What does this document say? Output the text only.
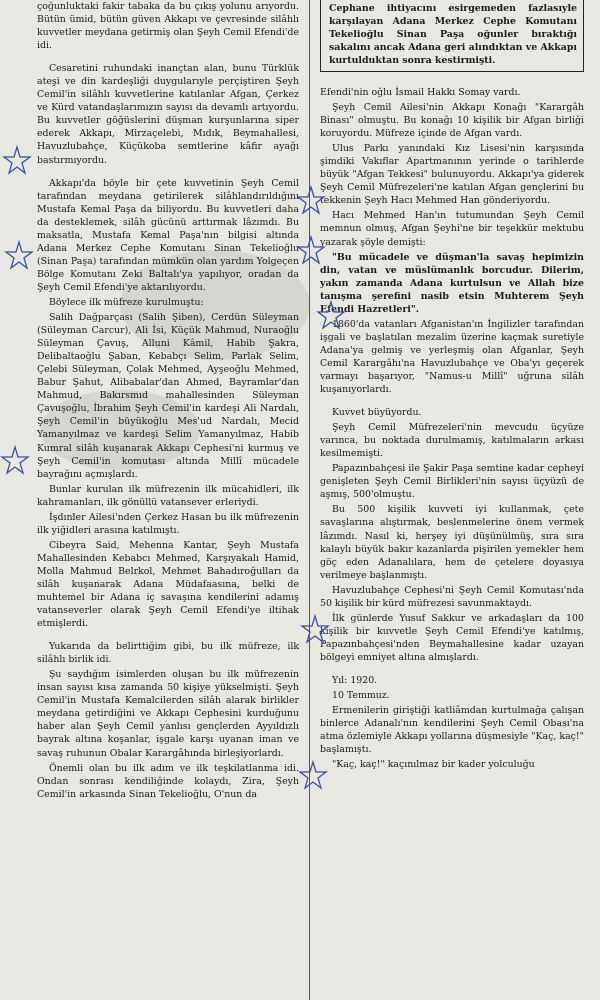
çoğunluktaki fakir tabaka da bu çıkış yolunu arıyordu. Bütün ümid, bütün güven Akkapı ve çevresinde silâhlı kuvvetler meydana getirmiş olan Şeyh Cemil Efendi'de idi.

Cesaretini ruhundaki inançtan alan, bunu Türklük ateşi ve din kardeşliği duygularıyle perçiştiren Şeyh Cemil'in silâhlı kuvvetlerine katılanlar Afgan, Çerkez ve Kürd vatandaşlarımızın sayısı da devamlı artıyordu. Bu kuvvetler göğüslerini düşman kurşunlarına siper ederek Akkapı, Mirzaçelebi, Mıdık, Beymahallesi, Havuzlubahçe, Küçükoba semtlerine kâfir ayağı bastırmıyordu.

Akkapı'da böyle bir çete kuvvetinin Şeyh Cemil tarafından meydana getirilerek silâhlandırıldığını Mustafa Kemal Paşa da biliyordu. Bu kuvvetleri daha da desteklemek, silâh gücünü arttırmak lâzımdı. Bu maksatla, Mustafa Kemal Paşa'nın bilgisi altında Adana Merkez Cephe Komutanı Sinan Tekelioğlu (Sinan Paşa) tarafından mümkün olan yardım Yolgeçen Bölge Komutanı Zeki Baltalı'ya yapılıyor, oradan da Şeyh Cemil Efendi'ye aktarılıyordu.

Böylece ilk müfreze kurulmuştu:

Salih Dağparçası (Salih Şiben), Cerdün Süleyman (Süleyman Carcur), Ali İsi, Küçük Mahmud, Nuraoğlu Süleyman Çavuş, Alluni Kâmil, Habib Şakra, Delibaltaoğlu Şaban, Kebabçı Selim, Parlak Selim, Çelebi Süleyman, Çolak Mehmed, Ayşeoğlu Mehmed, Babur Şahut, Alibabalar'dan Ahmed, Bayramlar'dan Mahmud, Bakırsmıd mahallesinden Süleyman Çavuşoğlu, İbrahim Şeyh Cemil'in kardeşi Ali Nardalı, Şeyh Cemil'in büyükoğlu Mes'ud Nardalı, Mecid Yamanyılmaz ve kardeşi Selim Yamanyılmaz, Habib Kumral silâh kuşanarak Akkapı Cephesi'ni kurmuş ve Şeyh Cemil'in komutası altında Millî mücadele bayrağını açmışlardı.

Bunlar kurulan ilk müfrezenin ilk mücahidleri, ilk kahramanları, ilk gönüllü vatansever erleriydi.

İşdınler Ailesi'nden Çerkez Hasan bu ilk müfrezenin ilk yiğidleri arasına katılmıştı.

Cibeyra Said, Mehenna Kantar, Şeyh Mustafa Mahallesinden Kebabcı Mehmed, Karşıyakalı Hamid, Molla Mahmud Belrkol, Mehmet Bahadıroğulları da silâh kuşanarak Adana Müdafaasına, belki de muhtemel bir Adana iç savaşına kendilerini adamış vatanseverler olarak Şeyh Cemil Efendi'ye iltihak etmişlerdi.

Yukarıda da belirttiğim gibi, bu ilk müfreze, ilk silâhlı birlik idi.

Şu saydığım isimlerden oluşan bu ilk müfrezenin insan sayısı kısa zamanda 50 kişiye yükselmişti. Şeyh Cemil'in Mustafa Kemalcilerden silâh alarak birlikler meydana getirdiğini ve Akkapı Cephesini kurduğunu haber alan Şeyh Cemil yanlısı gençlerden Ayyıldızlı bayrak altına koşanlar, işgale karşı uyanan iman ve savaş ruhunun Obalar Karargâhında birleşiyorlardı.

Önemli olan bu ilk adım ve ilk teşkilatlanma idi. Ondan sonrası kendiliğinde kolaydı, Zira, Şeyh Cemil'in arkasında Sinan Tekelioğlu, O'nun da

Cephane ihtiyacını esirgemeden fazlasıyle karşılayan Adana Merkez Cephe Komutanı Tekelioğlu Sinan Paşa oğunler bıraktığı sakalını ancak Adana geri alındıktan ve Akkapı kurtulduktan sonra kestirmişti.

Efendi'nin oğlu İsmail Hakkı Somay vardı.

Şeyh Cemil Ailesi'nin Akkapı Konağı "Karargâh Binası" olmuştu. Bu konağı 10 kişilik bir Afgan birliği koruyordu. Müfreze içinde de Afgan vardı.

Ulus Parkı yanındaki Kız Lisesi'nin karşısında şimdiki Vakıflar Apartmanının yerinde o tarihlerde büyük "Afgan Tekkesi" bulunuyordu. Akkapı'ya giderek Şeyh Cemil Müfrezeleri'ne katılan Afgan gençlerini bu tekkenin Şeyh Hacı Mehmed Han gönderiyordu.

Hacı Mehmed Han'ın tutumundan Şeyh Cemil memnun olmuş, Afgan Şeyhi'ne bir teşekkür mektubu yazarak şöyle demişti:

"Bu mücadele ve düşman'la savaş hepimizin din, vatan ve müslümanlık borcudur. Dilerim, yakın zamanda Adana kurtulsun ve Allah bize tanışma şerefini nasib etsin Muhterem Şeyh Efendi Hazretleri".

1860'da vatanları Afganistan'ın İngilizler tarafından işgali ve başlatılan mezalim üzerine kaçmak suretiyle Adana'ya gelmiş ve yerleşmiş olan Afganlar, Şeyh Cemil Karargâhı'na Havuzlubahçe ve Oba'yı geçerek varmayı başarıyor, "Namus-u Millî" uğruna silâh kuşanıyorlardı.

Kuvvet büyüyordu.

Şeyh Cemil Müfrezeleri'nin mevcudu üçyüze varınca, bu noktada durulmamış, katılmaların arkası kesilmemişti.

Papazınbahçesi ile Şakir Paşa semtine kadar cepheyi genişleten Şeyh Cemil Birlikleri'nin sayısı üçyüzü de aşmış, 500'olmuştu.

Bu 500 kişilik kuvveti iyi kullanmak, çete savaşlarına alıştırmak, beslenmelerine önem vermek lâzımdı. Nasıl ki, herşey iyi düşünülmüş, sıra sıra kalaylı büyük bakır kazanlarda pişirilen yemekler hem göç eden Adanalılara, hem de çetelere doyasıya verilmeye başlanmıştı.

Havuzlubahçe Cephesi'ni Şeyh Cemil Komutası'nda 50 kişilik bir kürd müfrezesi savunmaktaydı.

İlk günlerde Yusuf Sakkur ve arkadaşları da 100 kişilik bir kuvvetle Şeyh Cemil Efendi'ye katılmış, Papazınbahçesi'nden Beymahallesine kadar uzayan bölgeyi emniyet altına almışlardı.

Yıl: 1920.

10 Temmuz.

Ermenilerin giriştiği katliâmdan kurtulmağa çalışan binlerce Adanalı'nın kendilerini Şeyh Cemil Obası'na atma özlemiyle Akkapı yollarına düşmesiyle "Kaç, kaç!" başlamıştı.

"Kaç, kaç!" kaçınılmaz bir kader yolculuğu
